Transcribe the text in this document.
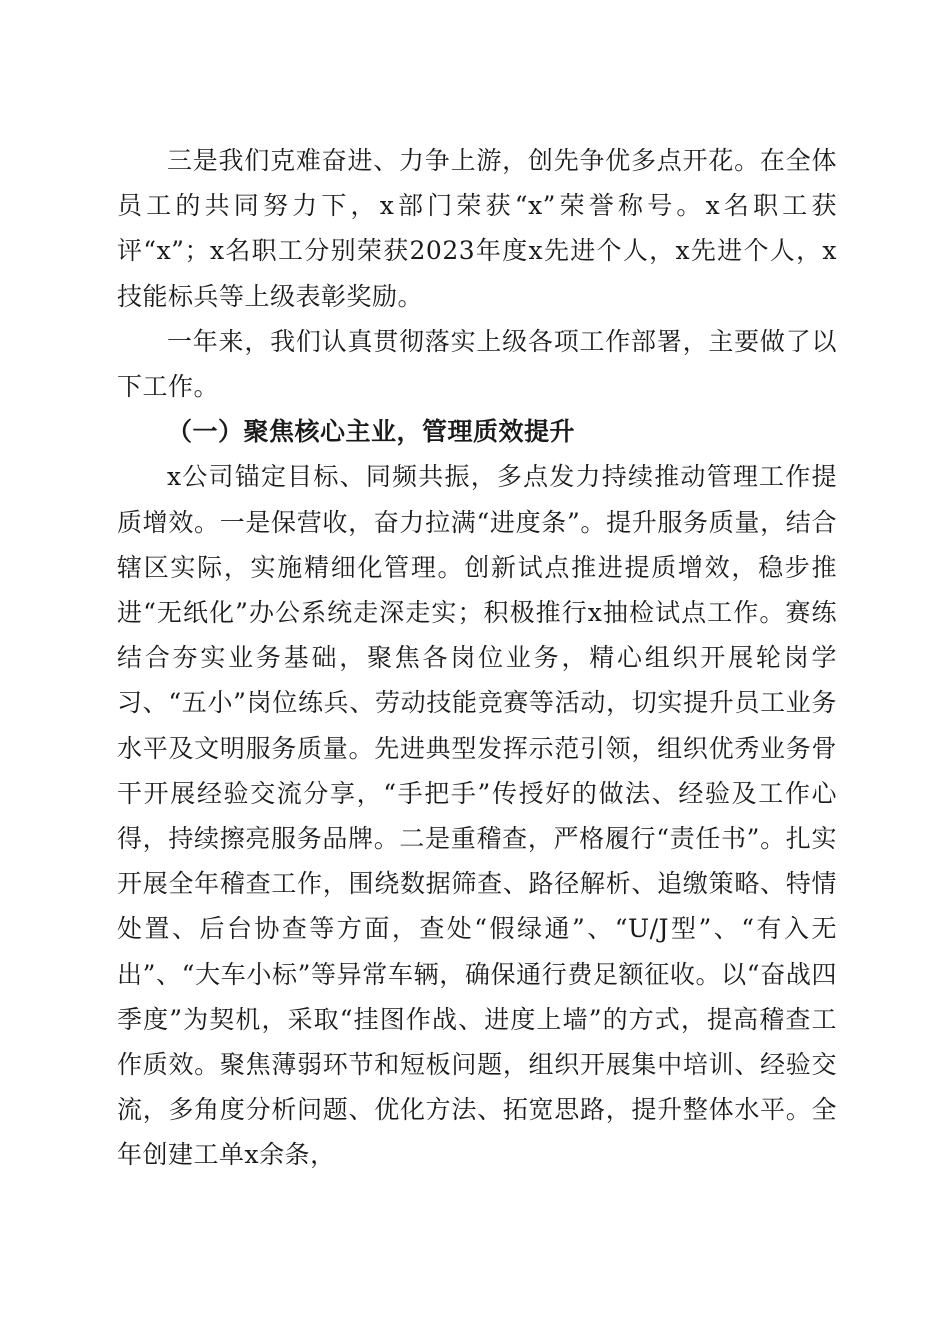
三是我们克难奋进、力争上游，创先争优多点开花。在全体员工的共同努力下，x部门荣获“x”荣誉称号。x名职工获评“x”；x名职工分别荣获2023年度x先进个人，x先进个人，x技能标兵等上级表彰奖励。

一年来，我们认真贯彻落实上级各项工作部署，主要做了以下工作。

（一）聚焦核心主业，管理质效提升

x公司锚定目标、同频共振，多点发力持续推动管理工作提质增效。一是保营收，奋力拉满“进度条”。提升服务质量，结合辖区实际，实施精细化管理。创新试点推进提质增效，稳步推进“无纸化”办公系统走深走实；积极推行x抽检试点工作。赛练结合夯实业务基础，聚焦各岗位业务，精心组织开展轮岗学习、“五小”岗位练兵、劳动技能竞赛等活动，切实提升员工业务水平及文明服务质量。先进典型发挥示范引领，组织优秀业务骨干开展经验交流分享，“手把手”传授好的做法、经验及工作心得，持续擦亮服务品牌。二是重稽查，严格履行“责任书”。扎实开展全年稽查工作，围绕数据筛查、路径解析、追缴策略、特情处置、后台协查等方面，查处“假绿通”、“U/J型”、“有入无出”、“大车小标”等异常车辆，确保通行费足额征收。以“奋战四季度”为契机，采取“挂图作战、进度上墙”的方式，提高稽查工作质效。聚焦薄弱环节和短板问题，组织开展集中培训、经验交流，多角度分析问题、优化方法、拓宽思路，提升整体水平。全年创建工单x余条，
